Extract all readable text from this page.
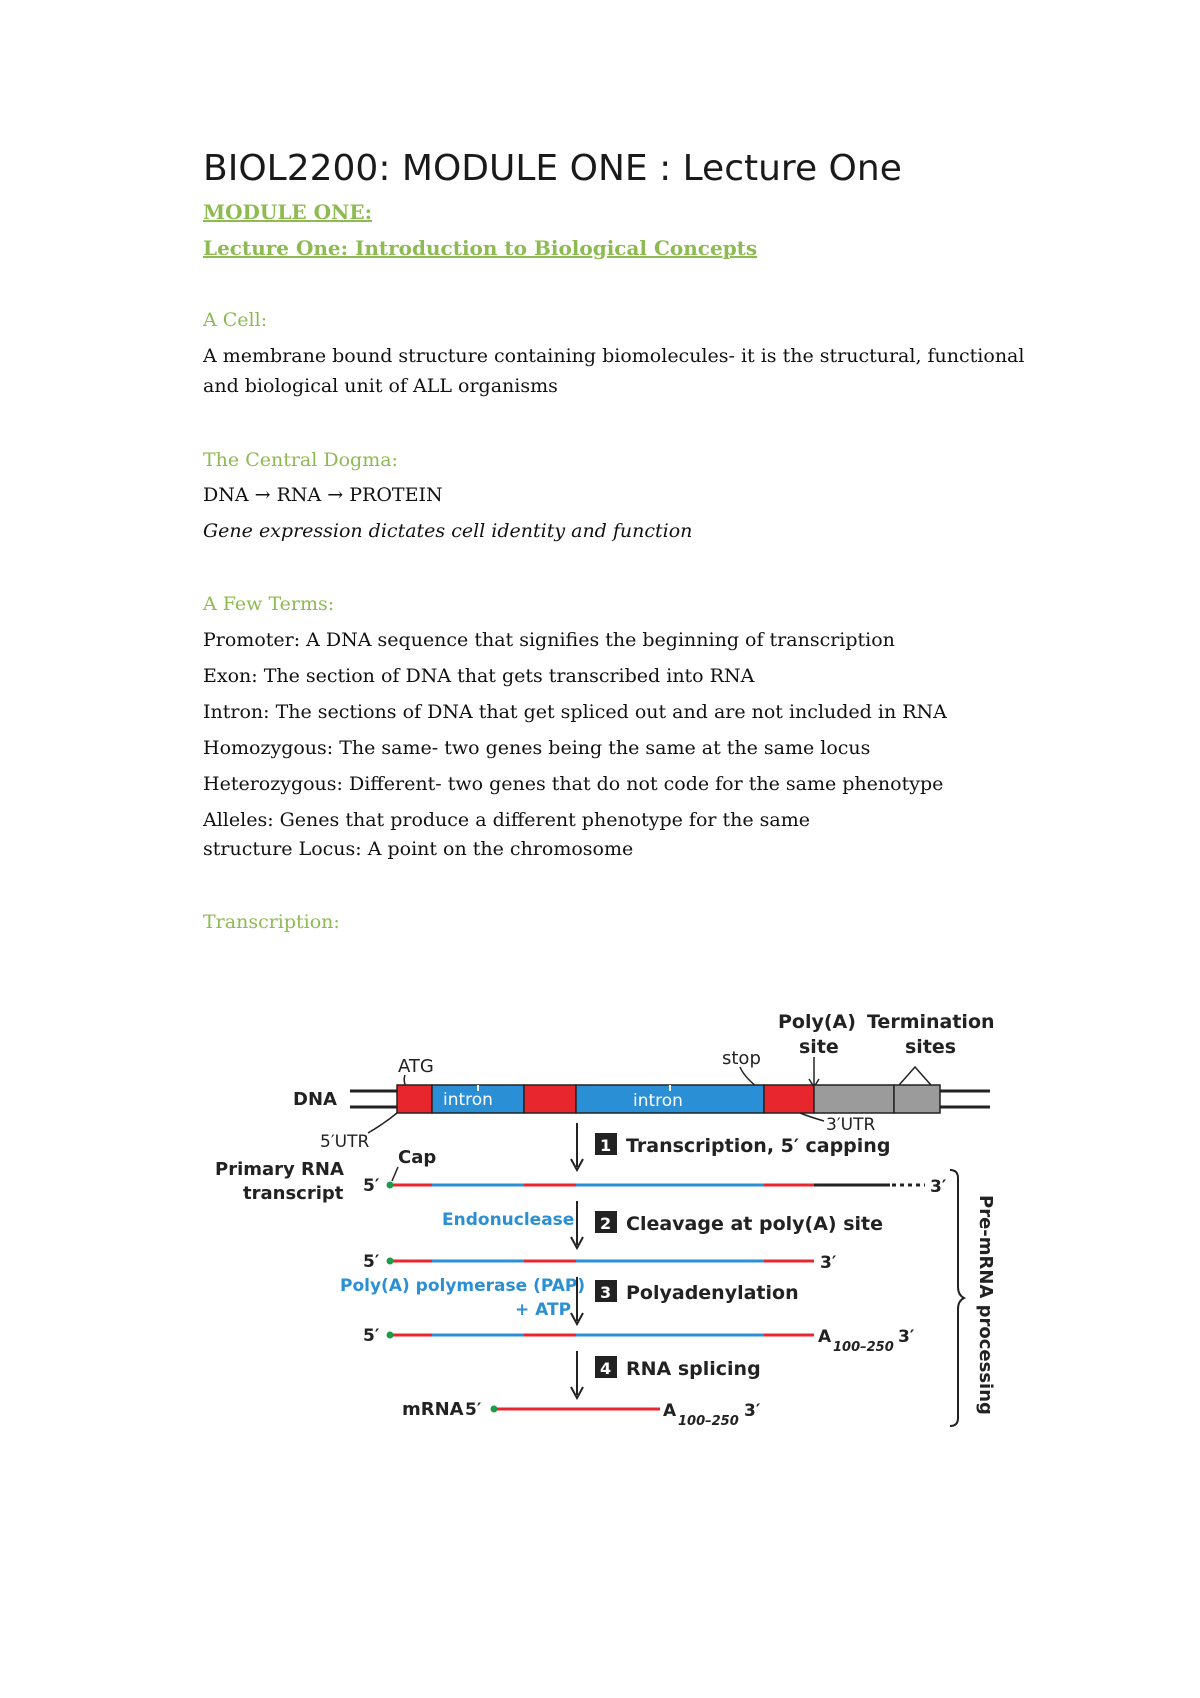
BIOL2200: MODULE ONE : Lecture One
MODULE ONE:
Lecture One: Introduction to Biological Concepts
A Cell:
A membrane bound structure containing biomolecules- it is the structural, functional
and biological unit of ALL organisms
The Central Dogma:
DNA → RNA → PROTEIN
Gene expression dictates cell identity and function
A Few Terms:
Promoter: A DNA sequence that signifies the beginning of transcription
Exon: The section of DNA that gets transcribed into RNA
Intron: The sections of DNA that get spliced out and are not included in RNA
Homozygous: The same- two genes being the same at the same locus
Heterozygous: Different- two genes that do not code for the same phenotype
Alleles: Genes that produce a different phenotype for the same
structure Locus: A point on the chromosome
Transcription:
Poly(A)
site
Termination
sites
ATG	stop
DNA	intron	intron
5′UTR
3′UTR
1 Transcription, 5′ capping
Primary RNA
transcript
Cap
5′	3′
Endonuclease 2 Cleavage at poly(A) site
5′	3′
Poly(A) polymerase (PAP)
+ ATP
3 Polyadenylation
5′	A
100–250
3′
4 RNA splicing
mRNA 5′	A
100–250
3′	Pre-mRNA processing
